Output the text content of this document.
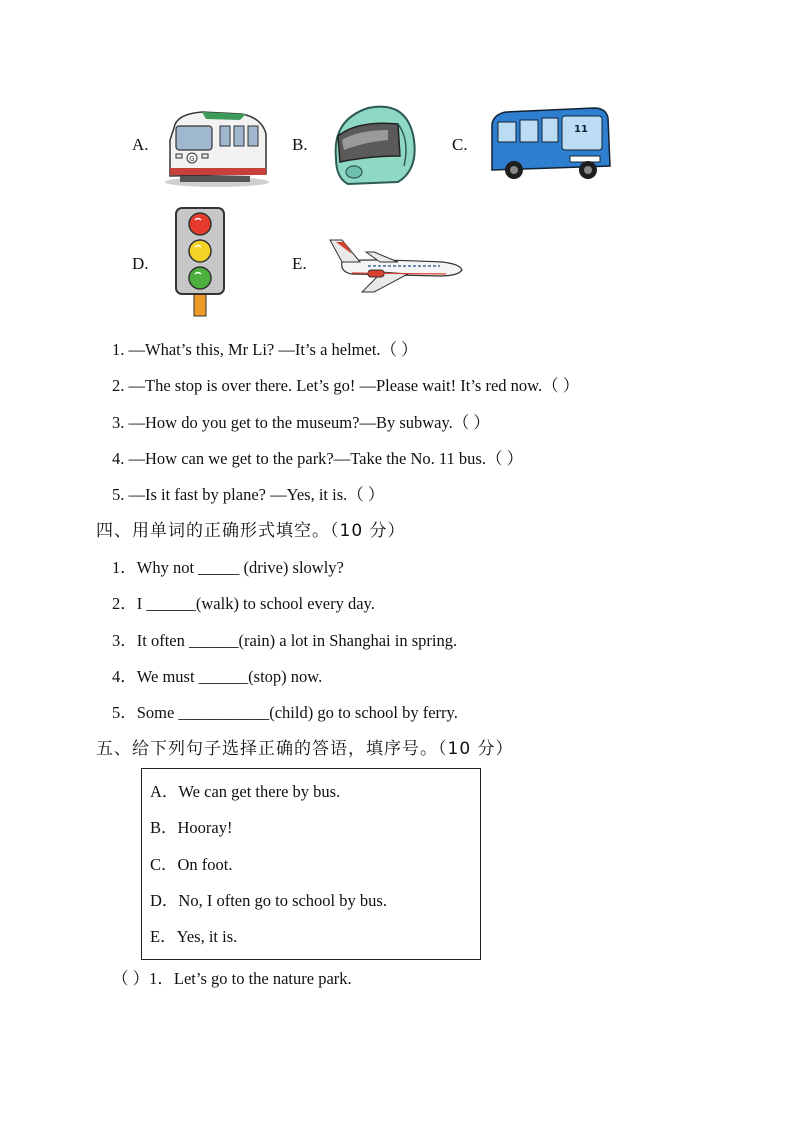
A.	B.	C.
D.	E.
G
11
1. —What’s this, Mr Li? —It’s a helmet.（ ）
2. —The stop is over there. Let’s go! —Please wait! It’s red now.（ ）
3. —How do you get to the museum?—By subway.（ ）
4. —How can we get to the park?—Take the No. 11 bus.（ ）
5. —Is it fast by plane? —Yes, it is.（ ）
四、用单词的正确形式填空。（10 分）
1．Why not _____ (drive) slowly?
2．I ______(walk) to school every day.
3．It often ______(rain) a lot in Shanghai in spring.
4．We must ______(stop) now.
5．Some ___________(child) go to school by ferry.
五、给下列句子选择正确的答语，填序号。（10 分）
A．We can get there by bus.
B．Hooray!
C．On foot.
D．No, I often go to school by bus.
E．Yes, it is.
（ ）1．Let’s go to the nature park.
